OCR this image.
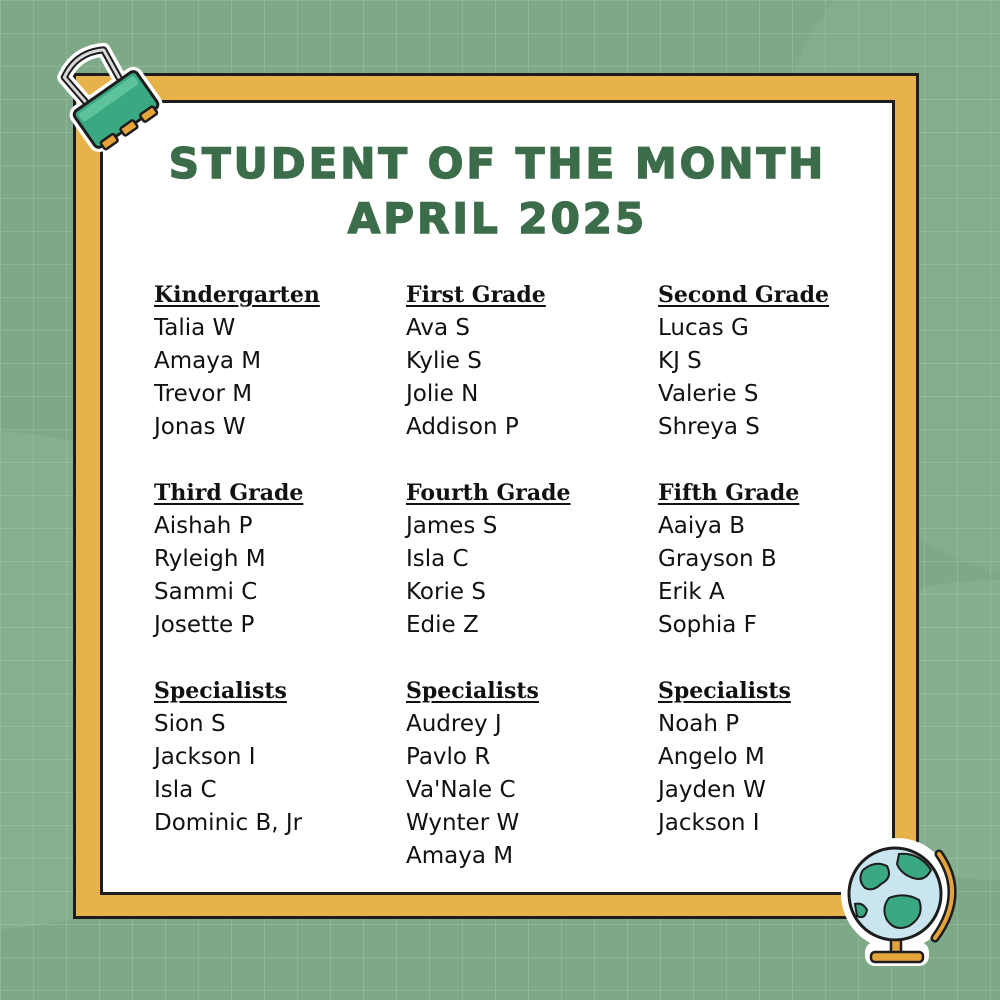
STUDENT OF THE MONTH
APRIL 2025
Kindergarten
Talia W
Amaya M
Trevor M
Jonas W
First Grade
Ava S
Kylie S
Jolie N
Addison P
Second Grade
Lucas G
KJ S
Valerie S
Shreya S
Third Grade
Aishah P
Ryleigh M
Sammi C
Josette P
Fourth Grade
James S
Isla C
Korie S
Edie Z
Fifth Grade
Aaiya B
Grayson B
Erik A
Sophia F
Specialists
Sion S
Jackson I
Isla C
Dominic B, Jr
Specialists
Audrey J
Pavlo R
Va'Nale C
Wynter W
Amaya M
Specialists
Noah P
Angelo M
Jayden W
Jackson I
